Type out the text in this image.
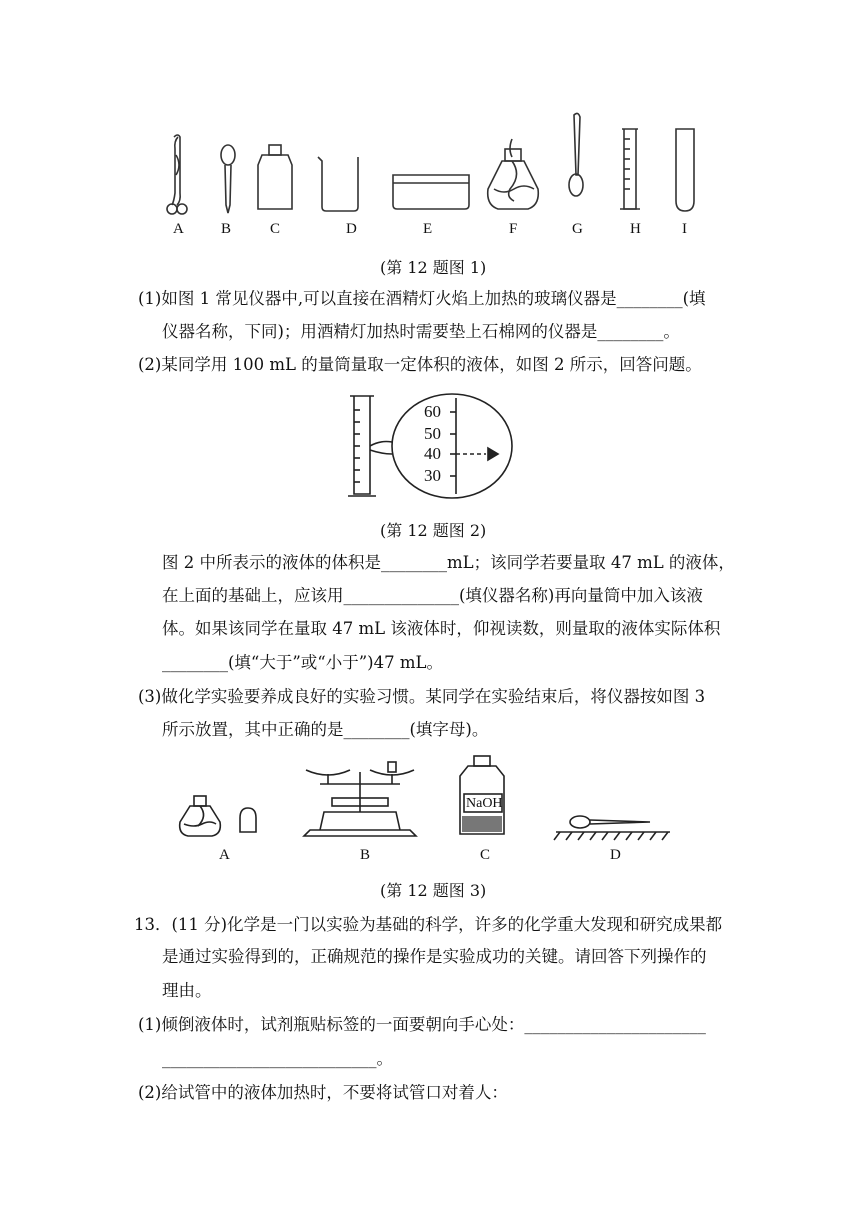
A B	C	D	E	F	G	H	I
(第 12 题图 1)
(1)如图 1 常见仪器中,可以直接在酒精灯火焰上加热的玻璃仪器是________(填
仪器名称，下同)；用酒精灯加热时需要垫上石棉网的仪器是________。
(2)某同学用 100 mL 的量筒量取一定体积的液体，如图 2 所示，回答问题。
60
50
40
30
(第 12 题图 2)
图 2 中所表示的液体的体积是________mL；该同学若要量取 47 mL 的液体，
在上面的基础上，应该用______________(填仪器名称)再向量筒中加入该液
体。如果该同学在量取 47 mL 该液体时，仰视读数，则量取的液体实际体积
________(填“大于”或“小于”)47 mL。
(3)做化学实验要养成良好的实验习惯。某同学在实验结束后，将仪器按如图 3
所示放置，其中正确的是________(填字母)。
NaOH
A	B	C	D
(第 12 题图 3)
13．(11 分)化学是一门以实验为基础的科学，许多的化学重大发现和研究成果都
是通过实验得到的，正确规范的操作是实验成功的关键。请回答下列操作的
理由。
(1)倾倒液体时，试剂瓶贴标签的一面要朝向手心处：______________________
__________________________。
(2)给试管中的液体加热时，不要将试管口对着人：
